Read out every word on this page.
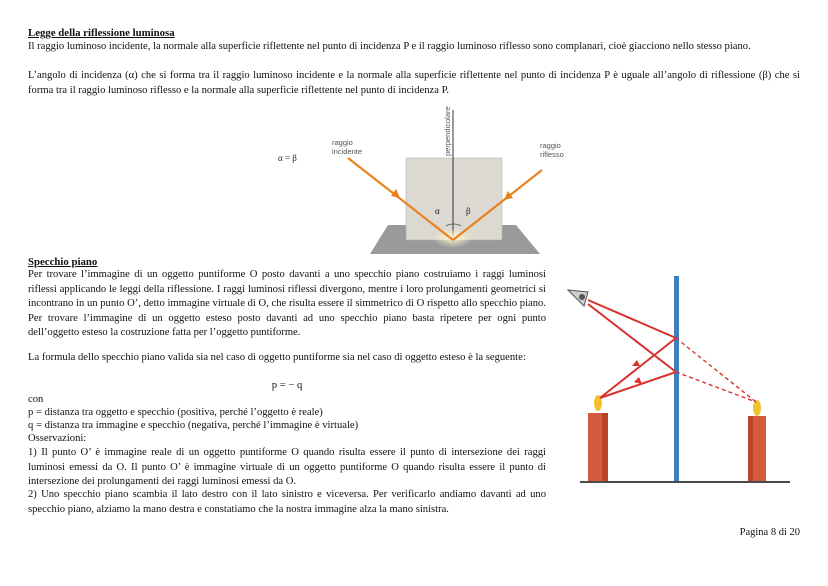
Legge della riflessione luminosa

Il raggio luminoso incidente, la normale alla superficie riflettente nel punto di incidenza P e il raggio luminoso riflesso sono complanari, cioè giacciono nello stesso piano.

L’angolo di incidenza (α) che si forma tra il raggio luminoso incidente e la normale alla superficie riflettente nel punto di incidenza P è uguale all’angolo di riflessione (β) che si forma tra il raggio luminoso riflesso e la normale alla superficie riflettente nel punto di incidenza P.

α = β
raggio
incidente
raggio
riflesso
perpendicolare
α	β

Specchio piano

Per trovare l’immagine di un oggetto puntiforme O posto davanti a uno specchio piano costruiamo i raggi luminosi riflessi applicando le leggi della riflessione. I raggi luminosi riflessi divergono, mentre i loro prolungamenti geometrici si incontrano in un punto O’, detto immagine virtuale di O, che risulta essere il simmetrico di O rispetto allo specchio piano. Per trovare l’immagine di un oggetto esteso posto davanti ad uno specchio piano basta ripetere per ogni punto dell’oggetto esteso la costruzione fatta per l’oggetto puntiforme.

La formula dello specchio piano valida sia nel caso di oggetto puntiforme sia nel caso di oggetto esteso è la seguente:

p = − q

con

p = distanza tra oggetto e specchio (positiva, perché l’oggetto è reale)

q = distanza tra immagine e specchio (negativa, perché l’immagine è virtuale)

Osservazioni:

1) Il punto O’ è immagine reale di un oggetto puntiforme O quando risulta essere il punto di intersezione dei raggi luminosi emessi da O. Il punto O’ è immagine virtuale di un oggetto puntiforme O quando risulta essere il punto di intersezione dei prolungamenti dei raggi luminosi emessi da O.

2) Uno specchio piano scambia il lato destro con il lato sinistro e viceversa. Per verificarlo andiamo davanti ad uno specchio piano, alziamo la mano destra e constatiamo che la nostra immagine alza la mano sinistra.

Pagina 8 di 20
